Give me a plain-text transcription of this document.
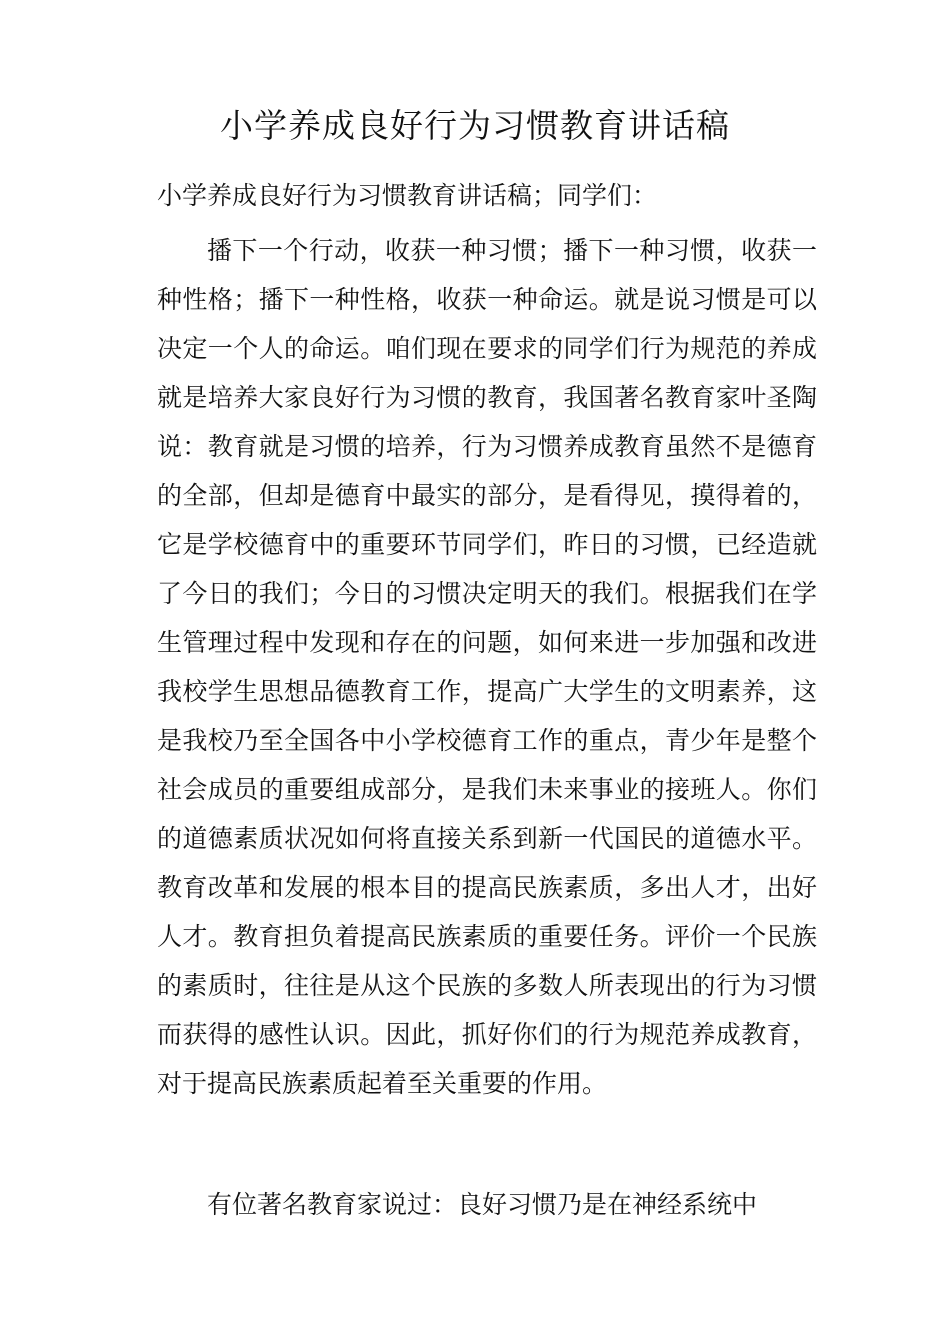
小学养成良好行为习惯教育讲话稿
小学养成良好行为习惯教育讲话稿；同学们：

播下一个行动，收获一种习惯；播下一种习惯，收获一种性格；播下一种性格，收获一种命运。就是说习惯是可以决定一个人的命运。咱们现在要求的同学们行为规范的养成就是培养大家良好行为习惯的教育，我国著名教育家叶圣陶说：教育就是习惯的培养，行为习惯养成教育虽然不是德育的全部，但却是德育中最实的部分，是看得见，摸得着的，它是学校德育中的重要环节同学们，昨日的习惯，已经造就了今日的我们；今日的习惯决定明天的我们。根据我们在学生管理过程中发现和存在的问题，如何来进一步加强和改进我校学生思想品德教育工作，提高广大学生的文明素养，这是我校乃至全国各中小学校德育工作的重点，青少年是整个社会成员的重要组成部分，是我们未来事业的接班人。你们的道德素质状况如何将直接关系到新一代国民的道德水平。教育改革和发展的根本目的提高民族素质，多出人才，出好人才。教育担负着提高民族素质的重要任务。评价一个民族的素质时，往往是从这个民族的多数人所表现出的行为习惯而获得的感性认识。因此，抓好你们的行为规范养成教育，对于提高民族素质起着至关重要的作用。

有位著名教育家说过：良好习惯乃是在神经系统中
